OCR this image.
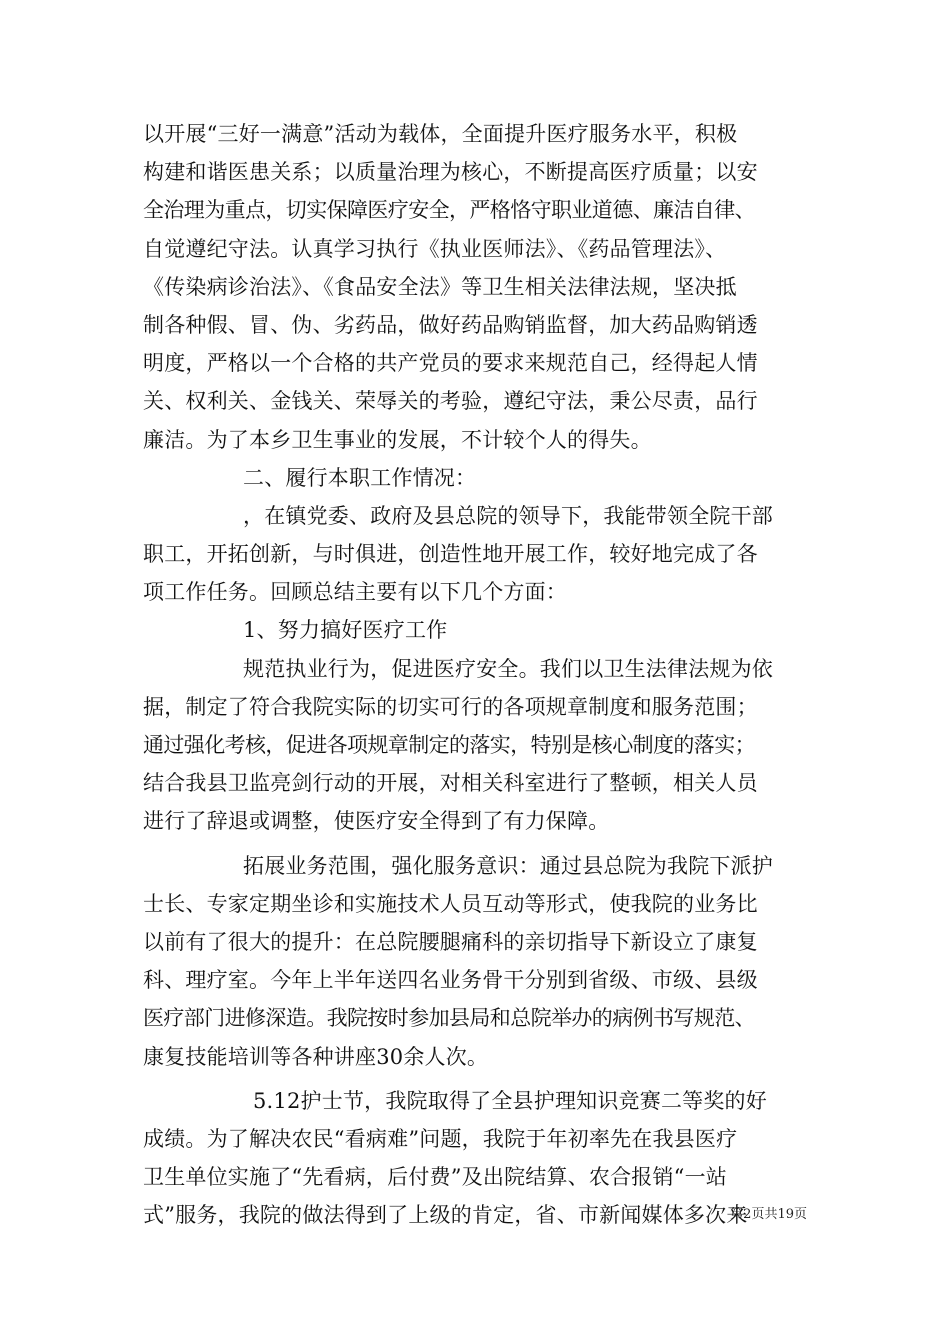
以开展“三好一满意”活动为载体，全面提升医疗服务水平，积极
构建和谐医患关系；以质量治理为核心，不断提高医疗质量；以安
全治理为重点，切实保障医疗安全，严格恪守职业道德、廉洁自律、
自觉遵纪守法。认真学习执行《执业医师法》、《药品管理法》、
《传染病诊治法》、《食品安全法》等卫生相关法律法规，坚决抵
制各种假、冒、伪、劣药品，做好药品购销监督，加大药品购销透
明度，严格以一个合格的共产党员的要求来规范自己，经得起人情
关、权利关、金钱关、荣辱关的考验，遵纪守法，秉公尽责，品行
廉洁。为了本乡卫生事业的发展，不计较个人的得失。
二、履行本职工作情况：
，在镇党委、政府及县总院的领导下，我能带领全院干部
职工，开拓创新，与时俱进，创造性地开展工作，较好地完成了各
项工作任务。回顾总结主要有以下几个方面：
1、努力搞好医疗工作
规范执业行为，促进医疗安全。我们以卫生法律法规为依
据，制定了符合我院实际的切实可行的各项规章制度和服务范围；
通过强化考核，促进各项规章制定的落实，特别是核心制度的落实；
结合我县卫监亮剑行动的开展，对相关科室进行了整顿，相关人员
进行了辞退或调整，使医疗安全得到了有力保障。
拓展业务范围，强化服务意识：通过县总院为我院下派护
士长、专家定期坐诊和实施技术人员互动等形式，使我院的业务比
以前有了很大的提升：在总院腰腿痛科的亲切指导下新设立了康复
科、理疗室。今年上半年送四名业务骨干分别到省级、市级、县级
医疗部门进修深造。我院按时参加县局和总院举办的病例书写规范、
康复技能培训等各种讲座30余人次。
5.12护士节，我院取得了全县护理知识竞赛二等奖的好
成绩。为了解决农民“看病难”问题，我院于年初率先在我县医疗
卫生单位实施了“先看病，后付费”及出院结算、农合报销“一站
式”服务，我院的做法得到了上级的肯定，省、市新闻媒体多次来
第2页共19页
